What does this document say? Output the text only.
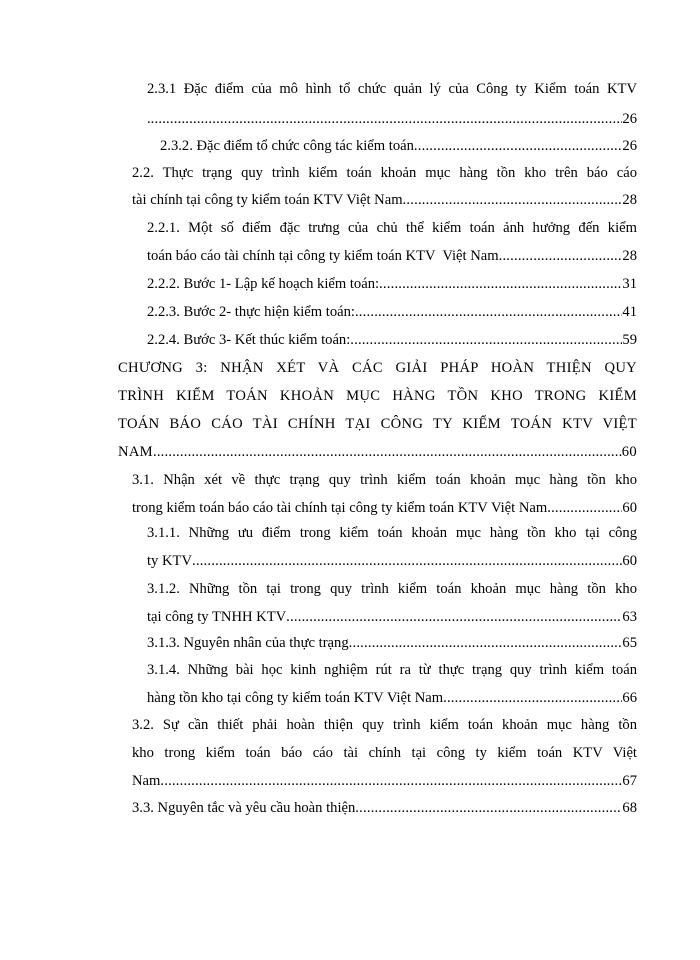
2.3.1 Đặc điểm của mô hình tổ chức quản lý của Công ty Kiểm toán KTV
. .....	26
2.3.2. Đặc điểm tổ chức công tác kiểm toán .....	26
2.2. Thực trạng quy trình kiểm toán khoản mục hàng tồn kho trên báo cáo
tài chính tại công ty kiểm toán KTV Việt Nam .....	28
2.2.1. Một số điểm đặc trưng của chủ thể kiểm toán ảnh hưởng đến kiểm
toán báo cáo tài chính tại công ty kiểm toán KTV  Việt Nam .....	28
2.2.2. Bước 1- Lập kế hoạch kiểm toán: .....	31
2.2.3. Bước 2- thực hiện kiểm toán: .....	41
2.2.4. Bước 3- Kết thúc kiểm toán: .....	59
CHƯƠNG 3: NHẬN XÉT VÀ CÁC GIẢI PHÁP HOÀN THIỆN QUY
TRÌNH KIỂM TOÁN KHOẢN MỤC HÀNG TỒN KHO TRONG KIỂM
TOÁN BÁO CÁO TÀI CHÍNH TẠI CÔNG TY KIỂM TOÁN KTV VIỆT
NAM .....	60
3.1. Nhận xét về thực trạng quy trình kiểm toán khoản mục hàng tồn kho
trong kiểm toán báo cáo tài chính tại công ty kiểm toán KTV Việt Nam .....	60
3.1.1. Những ưu điểm trong kiểm toán khoản mục hàng tồn kho tại công
ty KTV .....	60
3.1.2. Những tồn tại trong quy trình kiểm toán khoản mục hàng tồn kho
tại công ty TNHH KTV .....	63
3.1.3. Nguyên nhân của thực trạng .....	65
3.1.4. Những bài học kinh nghiệm rút ra từ thực trạng quy trình kiểm toán
hàng tồn kho tại công ty kiểm toán KTV Việt Nam .....	66
3.2. Sự cần thiết phải hoàn thiện quy trình kiểm toán khoản mục hàng tồn
kho trong kiểm toán báo cáo tài chính tại công ty kiểm toán KTV Việt
Nam .....	67
3.3. Nguyên tắc và yêu cầu hoàn thiện .....	68
